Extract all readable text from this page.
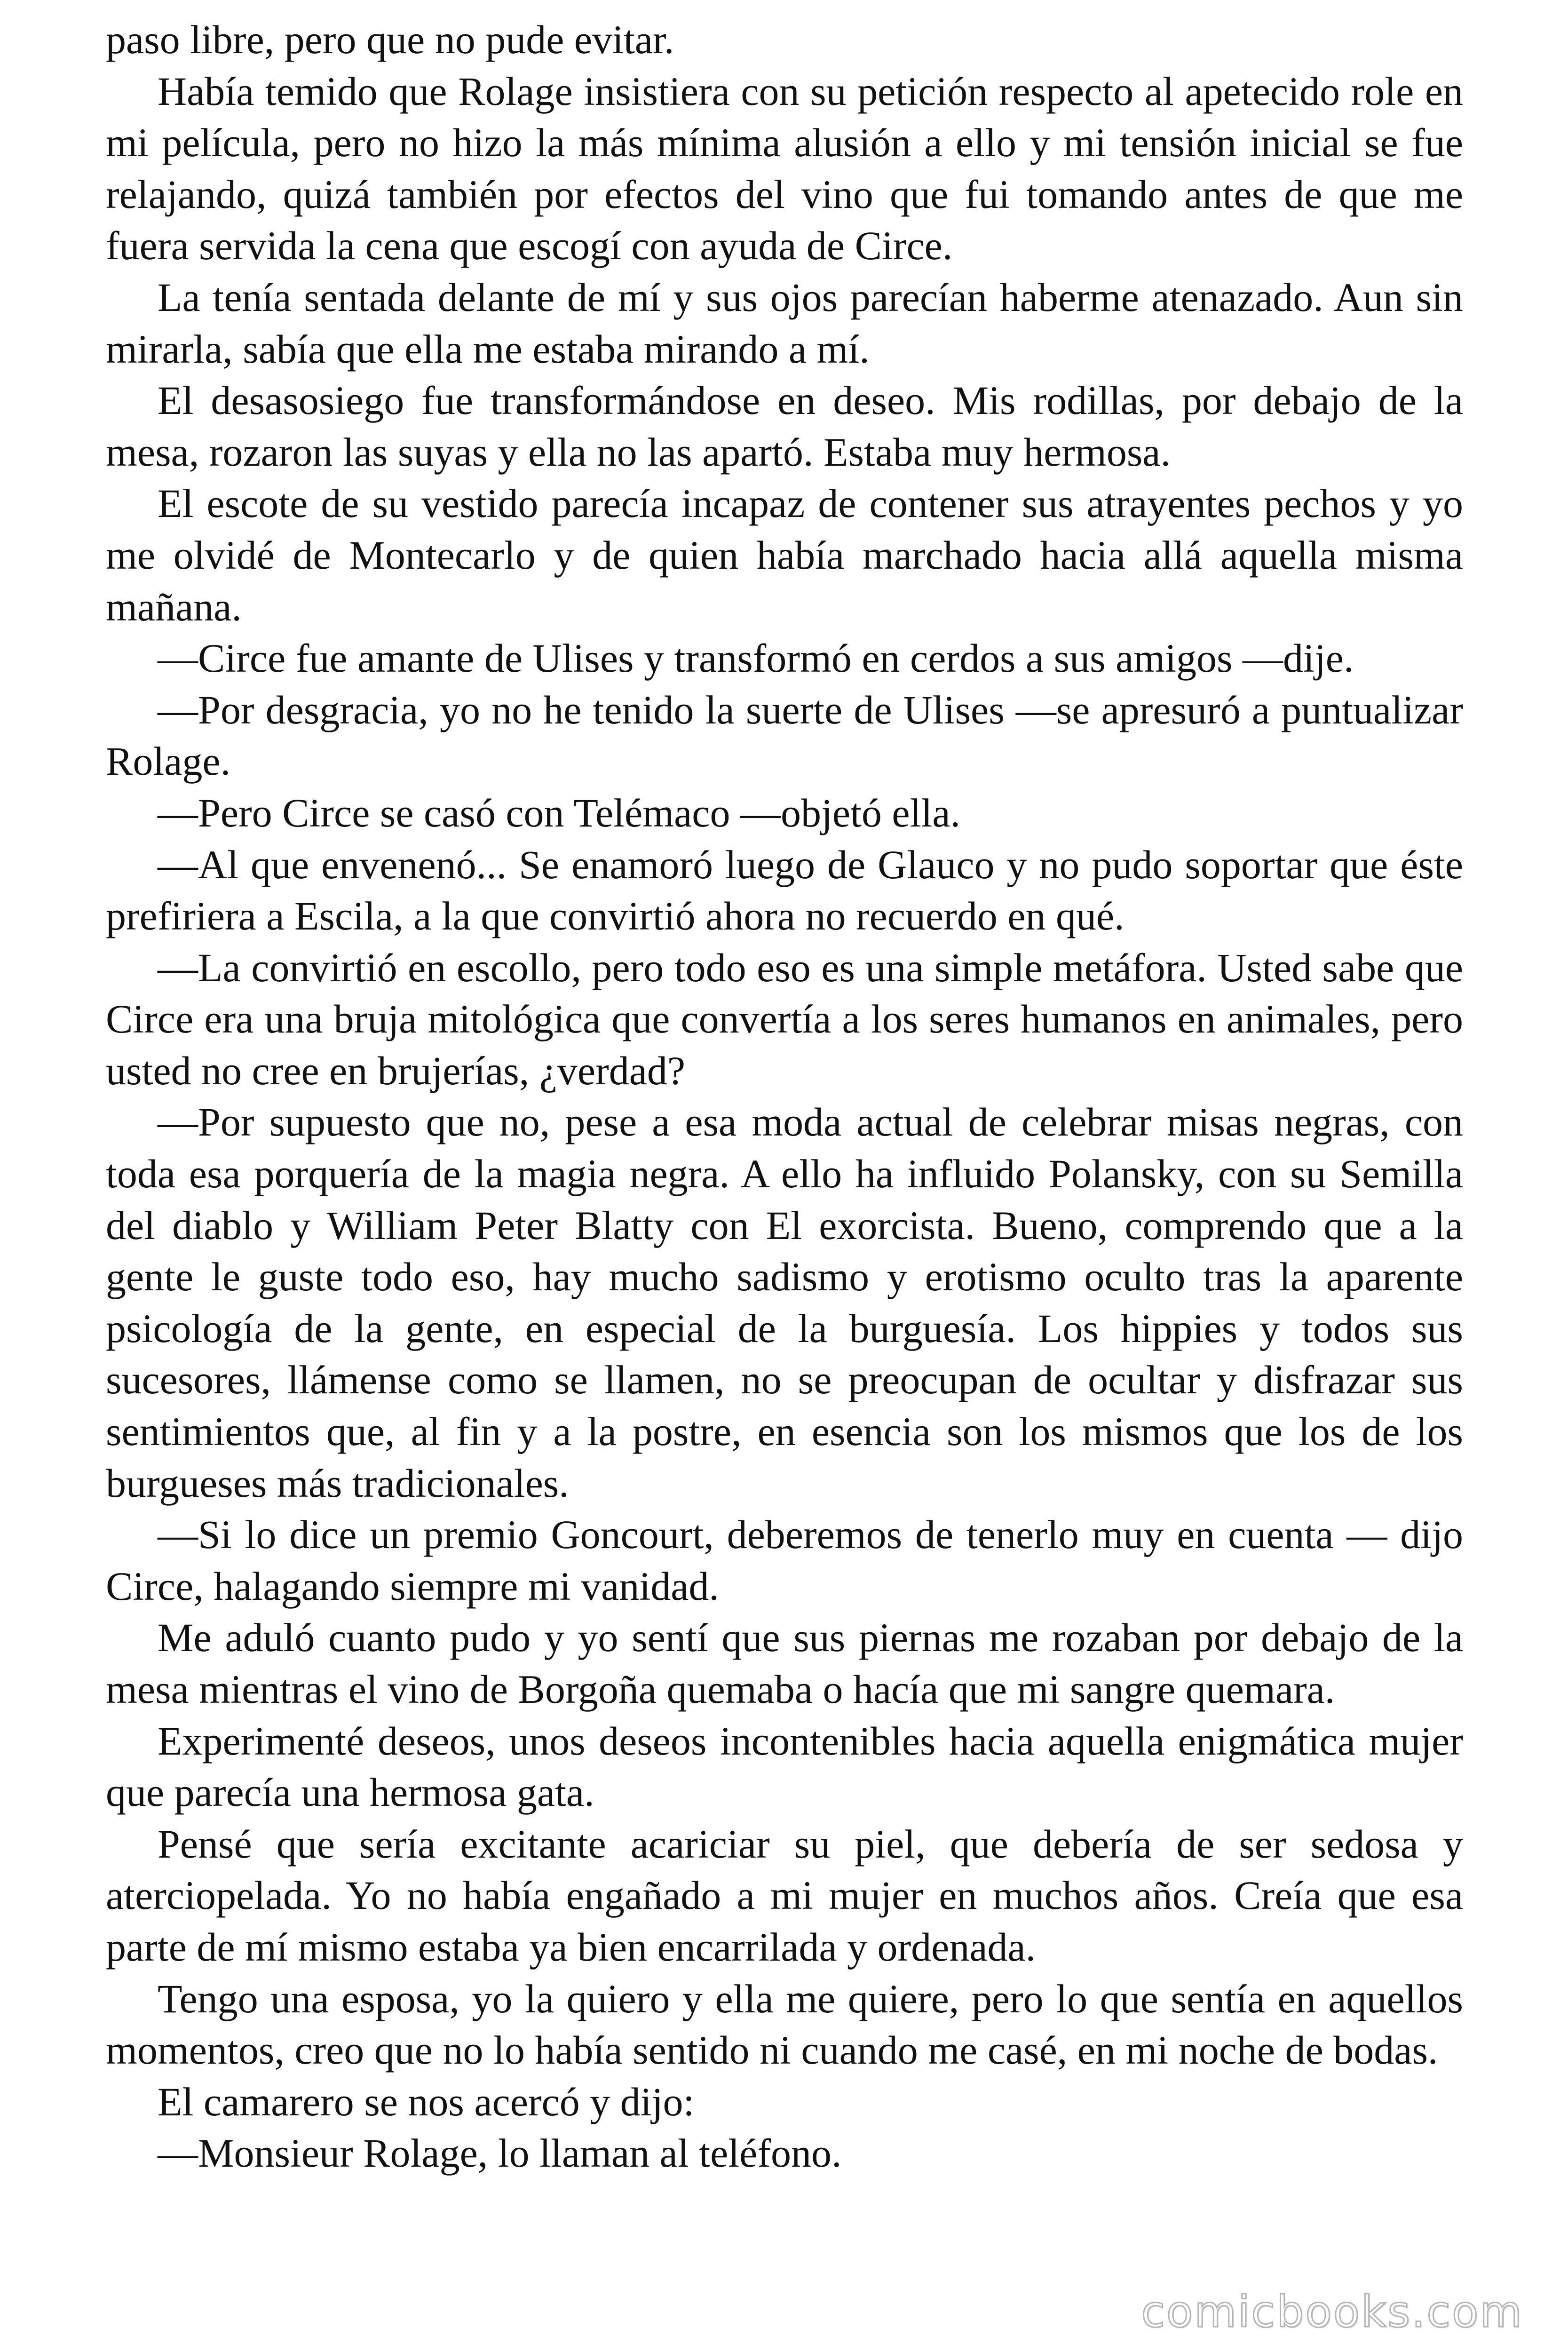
paso libre, pero que no pude evitar.

Había temido que Rolage insistiera con su petición respecto al apetecido role en mi película, pero no hizo la más mínima alusión a ello y mi tensión inicial se fue relajando, quizá también por efectos del vino que fui tomando antes de que me fuera servida la cena que escogí con ayuda de Circe.

La tenía sentada delante de mí y sus ojos parecían haberme atenazado. Aun sin mirarla, sabía que ella me estaba mirando a mí.

El desasosiego fue transformándose en deseo. Mis rodillas, por debajo de la mesa, rozaron las suyas y ella no las apartó. Estaba muy hermosa.

El escote de su vestido parecía incapaz de contener sus atrayentes pechos y yo me olvidé de Montecarlo y de quien había marchado hacia allá aquella misma mañana.

—Circe fue amante de Ulises y transformó en cerdos a sus amigos —dije.

—Por desgracia, yo no he tenido la suerte de Ulises —se apresuró a puntualizar Rolage.

—Pero Circe se casó con Telémaco —objetó ella.

—Al que envenenó... Se enamoró luego de Glauco y no pudo soportar que éste prefiriera a Escila, a la que convirtió ahora no recuerdo en qué.

—La convirtió en escollo, pero todo eso es una simple metáfora. Usted sabe que Circe era una bruja mitológica que convertía a los seres humanos en animales, pero usted no cree en brujerías, ¿verdad?

—Por supuesto que no, pese a esa moda actual de celebrar misas negras, con toda esa porquería de la magia negra. A ello ha influido Polansky, con su Semilla del diablo y William Peter Blatty con El exorcista. Bueno, comprendo que a la gente le guste todo eso, hay mucho sadismo y erotismo oculto tras la aparente psicología de la gente, en especial de la burguesía. Los hippies y todos sus sucesores, llámense como se llamen, no se preocupan de ocultar y disfrazar sus sentimientos que, al fin y a la postre, en esencia son los mismos que los de los burgueses más tradicionales.

—Si lo dice un premio Goncourt, deberemos de tenerlo muy en cuenta — dijo Circe, halagando siempre mi vanidad.

Me aduló cuanto pudo y yo sentí que sus piernas me rozaban por debajo de la mesa mientras el vino de Borgoña quemaba o hacía que mi sangre quemara.

Experimenté deseos, unos deseos incontenibles hacia aquella enigmática mujer que parecía una hermosa gata.

Pensé que sería excitante acariciar su piel, que debería de ser sedosa y aterciopelada. Yo no había engañado a mi mujer en muchos años. Creía que esa parte de mí mismo estaba ya bien encarrilada y ordenada.

Tengo una esposa, yo la quiero y ella me quiere, pero lo que sentía en aquellos momentos, creo que no lo había sentido ni cuando me casé, en mi noche de bodas.

El camarero se nos acercó y dijo:

—Monsieur Rolage, lo llaman al teléfono.

comicbooks.com
